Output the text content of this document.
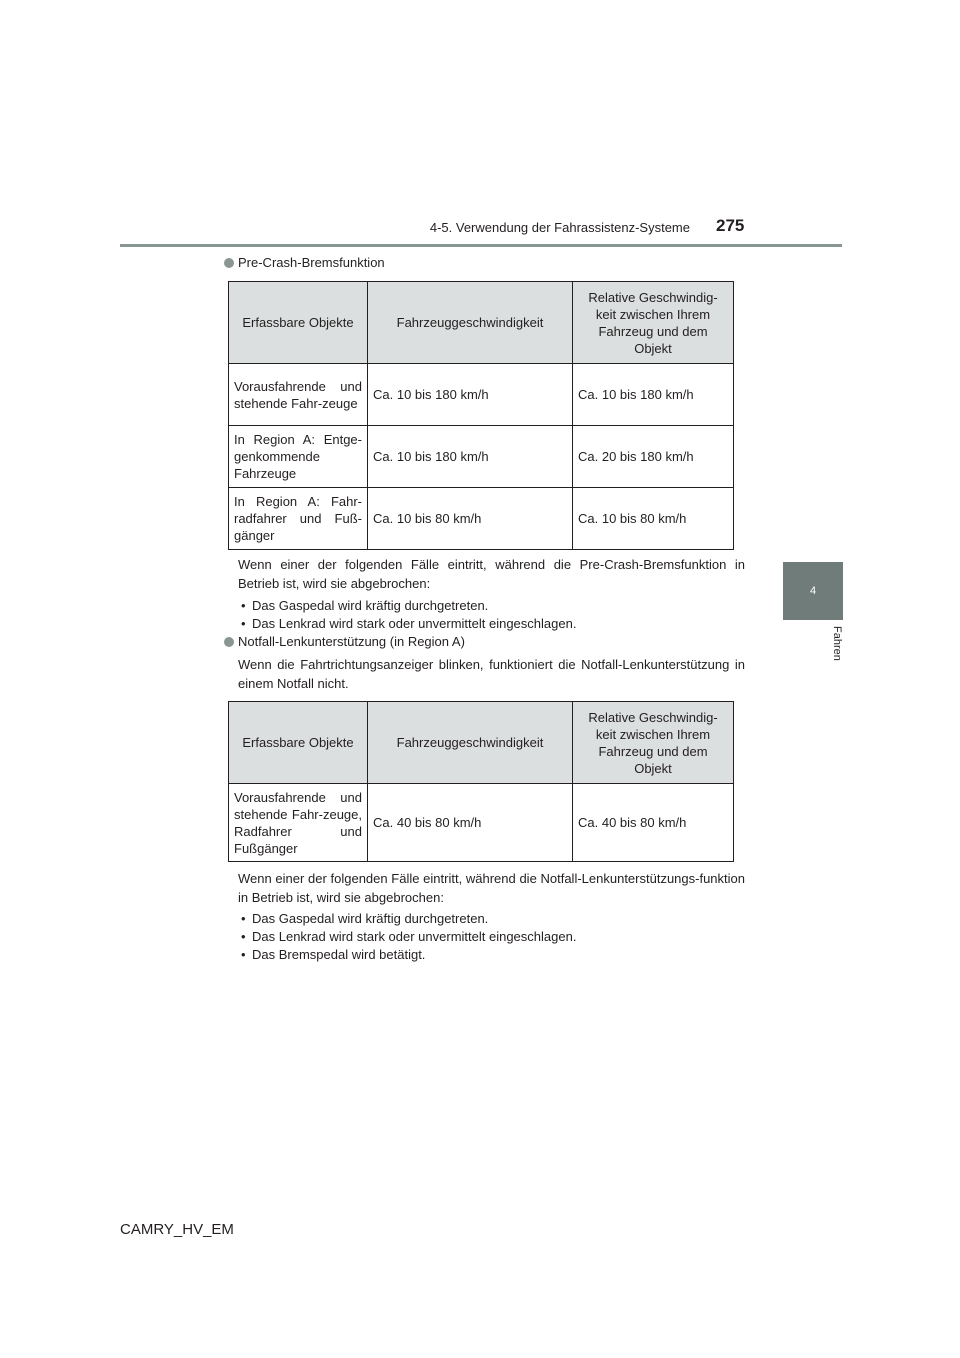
4-5. Verwendung der Fahrassistenz-Systeme 275
4
Fahren
Pre-Crash-Bremsfunktion
Erfassbare Objekte	Fahrzeuggeschwindigkeit	Relative Geschwindig-keit zwischen Ihrem Fahrzeug und dem Objekt
Vorausfahrende und stehende Fahr-zeuge	Ca. 10 bis 180 km/h	Ca. 10 bis 180 km/h
In Region A: Entge-genkommende Fahrzeuge	Ca. 10 bis 180 km/h	Ca. 20 bis 180 km/h
In Region A: Fahr-radfahrer und Fuß-gänger	Ca. 10 bis 80 km/h	Ca. 10 bis 80 km/h
Wenn einer der folgenden Fälle eintritt, während die Pre-Crash-Bremsfunktion in Betrieb ist, wird sie abgebrochen:
• Das Gaspedal wird kräftig durchgetreten.
• Das Lenkrad wird stark oder unvermittelt eingeschlagen.
Notfall-Lenkunterstützung (in Region A)
Wenn die Fahrtrichtungsanzeiger blinken, funktioniert die Notfall-Lenkunterstützung in einem Notfall nicht.
Erfassbare Objekte	Fahrzeuggeschwindigkeit	Relative Geschwindig-keit zwischen Ihrem Fahrzeug und dem Objekt
Vorausfahrende und stehende Fahr-zeuge, Radfahrer und Fußgänger	Ca. 40 bis 80 km/h	Ca. 40 bis 80 km/h
Wenn einer der folgenden Fälle eintritt, während die Notfall-Lenkunterstützungs-funktion in Betrieb ist, wird sie abgebrochen:
• Das Gaspedal wird kräftig durchgetreten.
• Das Lenkrad wird stark oder unvermittelt eingeschlagen.
• Das Bremspedal wird betätigt.
CAMRY_HV_EM
